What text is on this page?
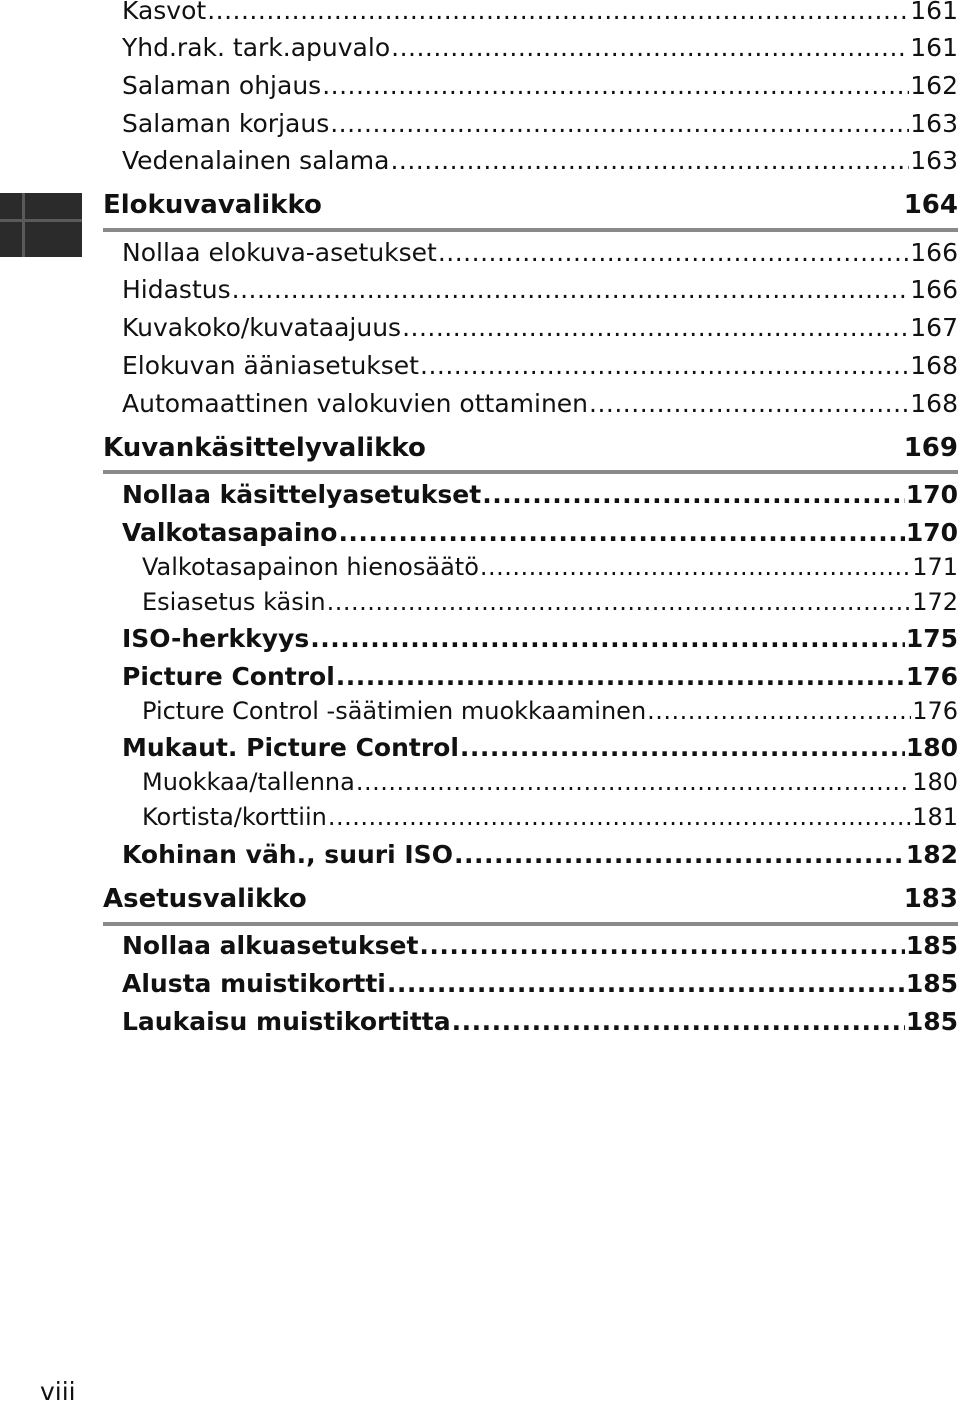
Kasvot .....	161
Yhd.rak. tark.apuvalo .....	161
Salaman ohjaus .....	162
Salaman korjaus .....	163
Vedenalainen salama .....	163
Elokuvavalikko	164
Nollaa elokuva-asetukset .....	166
Hidastus .....	166
Kuvakoko/kuvataajuus .....	167
Elokuvan ääniasetukset .....	168
Automaattinen valokuvien ottaminen .....	168
Kuvankäsittelyvalikko	169
Nollaa käsittelyasetukset .....	170
Valkotasapaino .....	170
Valkotasapainon hienosäätö .....	171
Esiasetus käsin .....	172
ISO-herkkyys .....	175
Picture Control .....	176
Picture Control -säätimien muokkaaminen .....	176
Mukaut. Picture Control .....	180
Muokkaa/tallenna .....	180
Kortista/korttiin .....	181
Kohinan väh., suuri ISO .....	182
Asetusvalikko	183
Nollaa alkuasetukset .....	185
Alusta muistikortti .....	185
Laukaisu muistikortitta .....	185
viii
